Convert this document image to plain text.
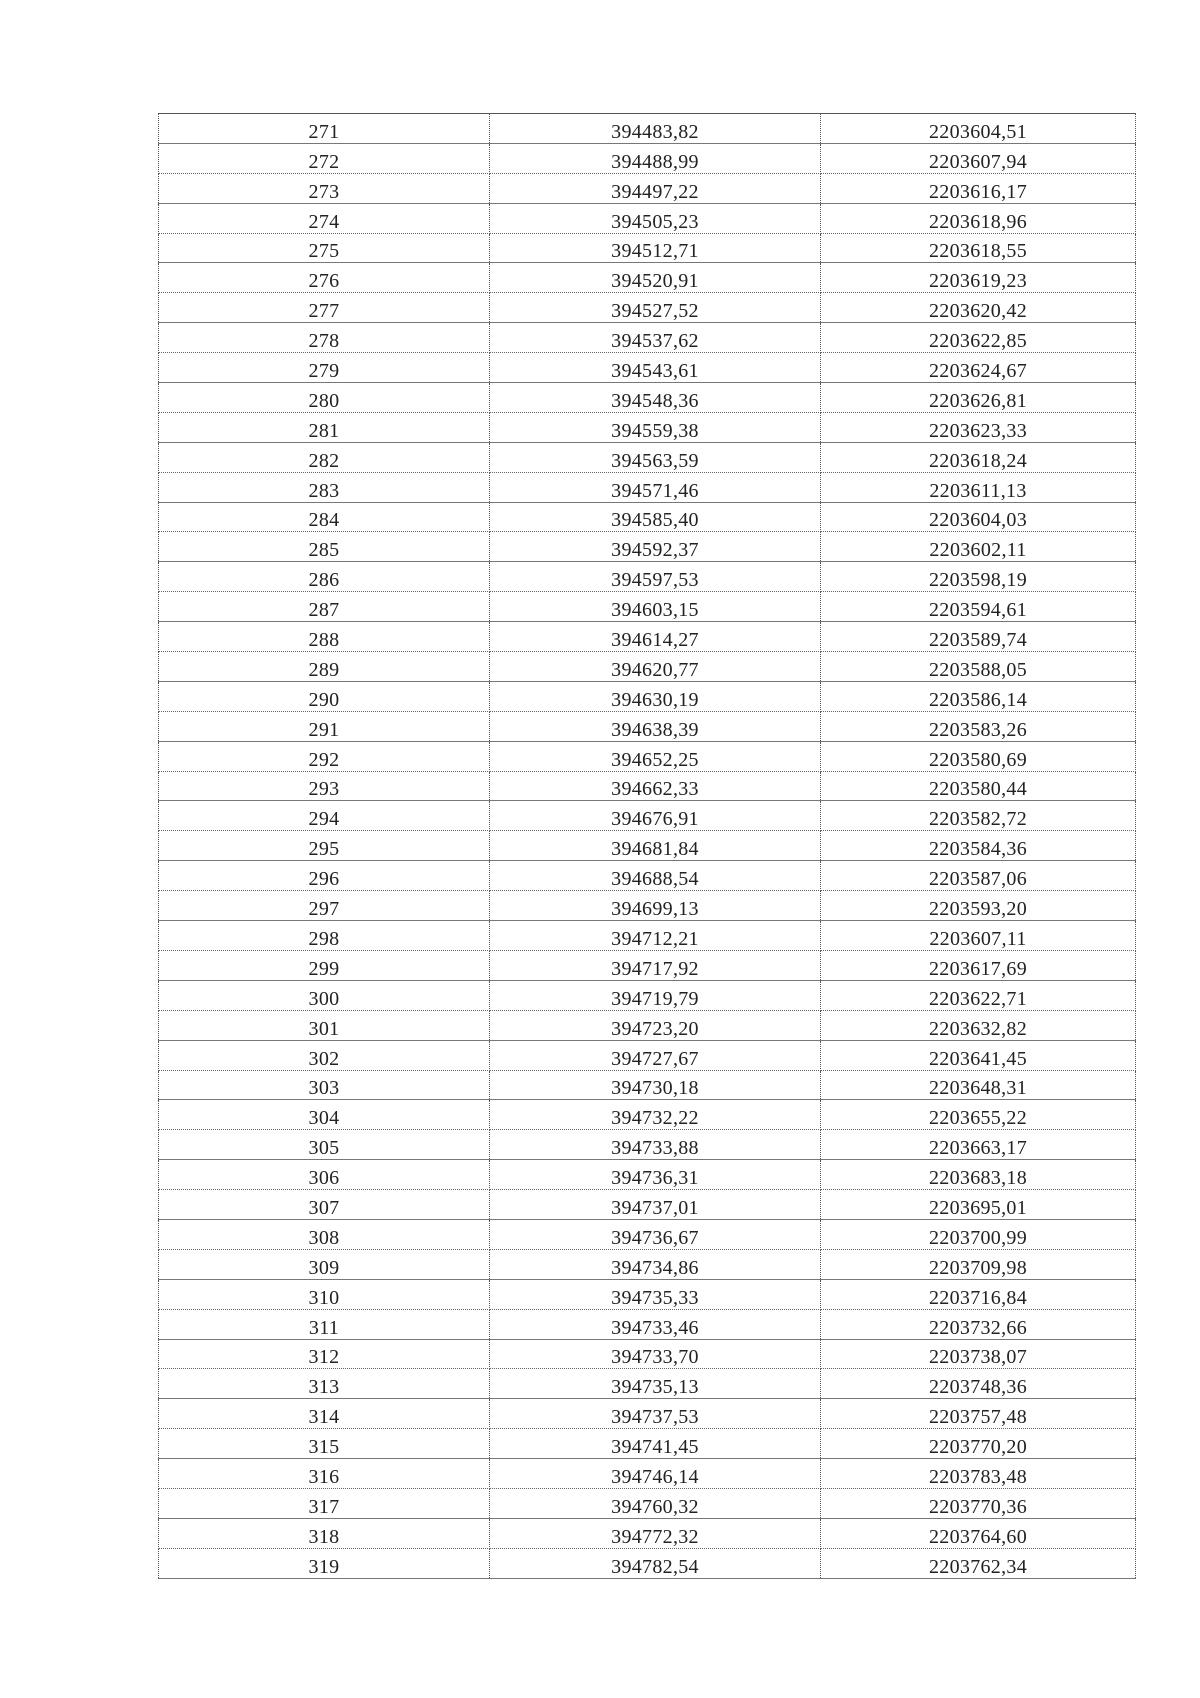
271	394483,82	2203604,51
272	394488,99	2203607,94
273	394497,22	2203616,17
274	394505,23	2203618,96
275	394512,71	2203618,55
276	394520,91	2203619,23
277	394527,52	2203620,42
278	394537,62	2203622,85
279	394543,61	2203624,67
280	394548,36	2203626,81
281	394559,38	2203623,33
282	394563,59	2203618,24
283	394571,46	2203611,13
284	394585,40	2203604,03
285	394592,37	2203602,11
286	394597,53	2203598,19
287	394603,15	2203594,61
288	394614,27	2203589,74
289	394620,77	2203588,05
290	394630,19	2203586,14
291	394638,39	2203583,26
292	394652,25	2203580,69
293	394662,33	2203580,44
294	394676,91	2203582,72
295	394681,84	2203584,36
296	394688,54	2203587,06
297	394699,13	2203593,20
298	394712,21	2203607,11
299	394717,92	2203617,69
300	394719,79	2203622,71
301	394723,20	2203632,82
302	394727,67	2203641,45
303	394730,18	2203648,31
304	394732,22	2203655,22
305	394733,88	2203663,17
306	394736,31	2203683,18
307	394737,01	2203695,01
308	394736,67	2203700,99
309	394734,86	2203709,98
310	394735,33	2203716,84
311	394733,46	2203732,66
312	394733,70	2203738,07
313	394735,13	2203748,36
314	394737,53	2203757,48
315	394741,45	2203770,20
316	394746,14	2203783,48
317	394760,32	2203770,36
318	394772,32	2203764,60
319	394782,54	2203762,34
